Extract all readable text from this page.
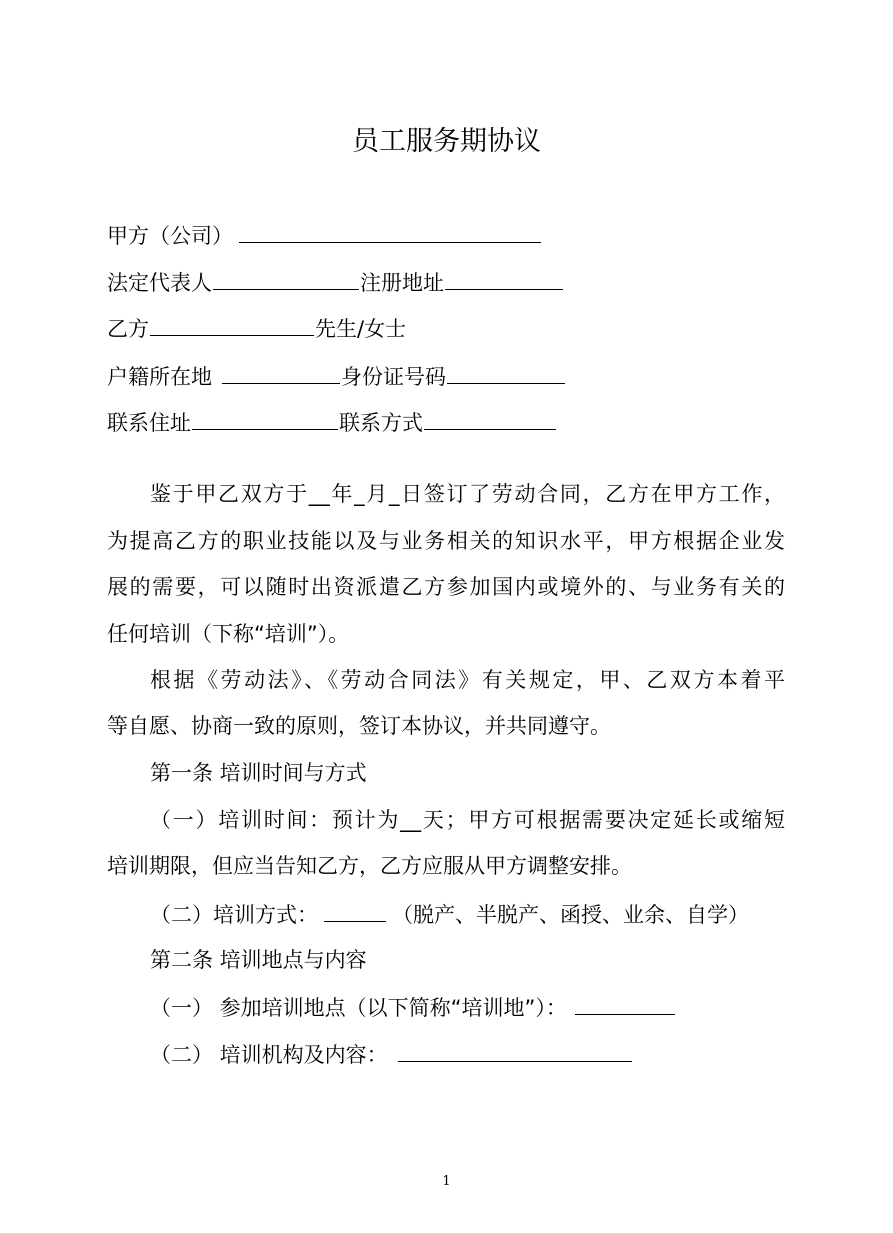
员工服务期协议
甲方（公司）
法定代表人	注册地址
乙方	先生/女士
户籍所在地	身份证号码
联系住址	联系方式
鉴于甲乙双方于__年_月_日签订了劳动合同，乙方在甲方工作，
为提高乙方的职业技能以及与业务相关的知识水平，甲方根据企业发
展的需要，可以随时出资派遣乙方参加国内或境外的、与业务有关的
任何培训（下称“培训”）。
根据《劳动法》、《劳动合同法》有关规定，甲、乙双方本着平
等自愿、协商一致的原则，签订本协议，并共同遵守。
第一条 培训时间与方式
（一）培训时间：预计为__天；甲方可根据需要决定延长或缩短
培训期限，但应当告知乙方，乙方应服从甲方调整安排。
（二）培训方式：	（脱产、半脱产、函授、业余、自学）
第二条 培训地点与内容
（一） 参加培训地点（以下简称“培训地”）：
（二） 培训机构及内容：
1
